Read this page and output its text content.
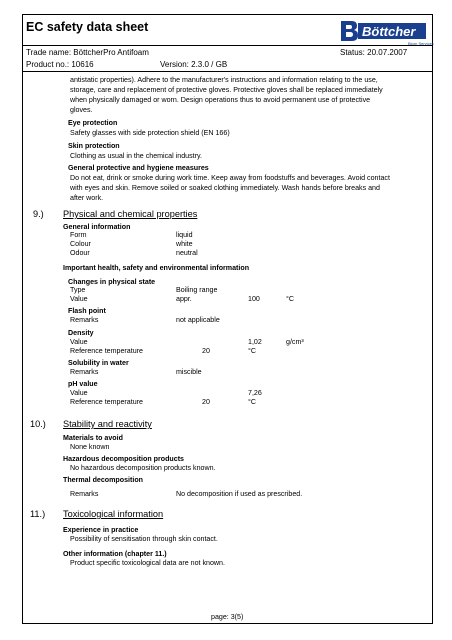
EC safety data sheet	Böttcher
Bjorn Services
Trade name: BöttcherPro Antifoam	Status: 20.07.2007
Product no.: 10616	Version: 2.3.0 / GB
antistatic properties). Adhere to the manufacturer's instructions and information relating to the use,
storage, care and replacement of protective gloves. Protective gloves shall be replaced immediately
when physically damaged or worn. Design operations thus to avoid permanent use of protective
gloves.
Eye protection
Safety glasses with side protection shield (EN 166)
Skin protection
Clothing as usual in the chemical industry.
General protective and hygiene measures
Do not eat, drink or smoke during work time. Keep away from foodstuffs and beverages. Avoid contact
with eyes and skin. Remove soiled or soaked clothing immediately. Wash hands before breaks and
after work.
9.) Physical and chemical properties
General information
Form	liquid
Colour	white
Odour	neutral
Important health, safety and environmental information
Changes in physical state
Type	Boiling range
Value	appr.	100	°C
Flash point
Remarks	not applicable
Density
Value	1,02	g/cm³
Reference temperature	20	°C
Solubility in water
Remarks	miscible
pH value
Value	7,26
Reference temperature	20	°C
10.) Stability and reactivity
Materials to avoid
None known
Hazardous decomposition products
No hazardous decomposition products known.
Thermal decomposition
Remarks	No decomposition if used as prescribed.
11.) Toxicological information
Experience in practice
Possibility of sensitisation through skin contact.
Other information (chapter 11.)
Product specific toxicological data are not known.
page: 3(5)
